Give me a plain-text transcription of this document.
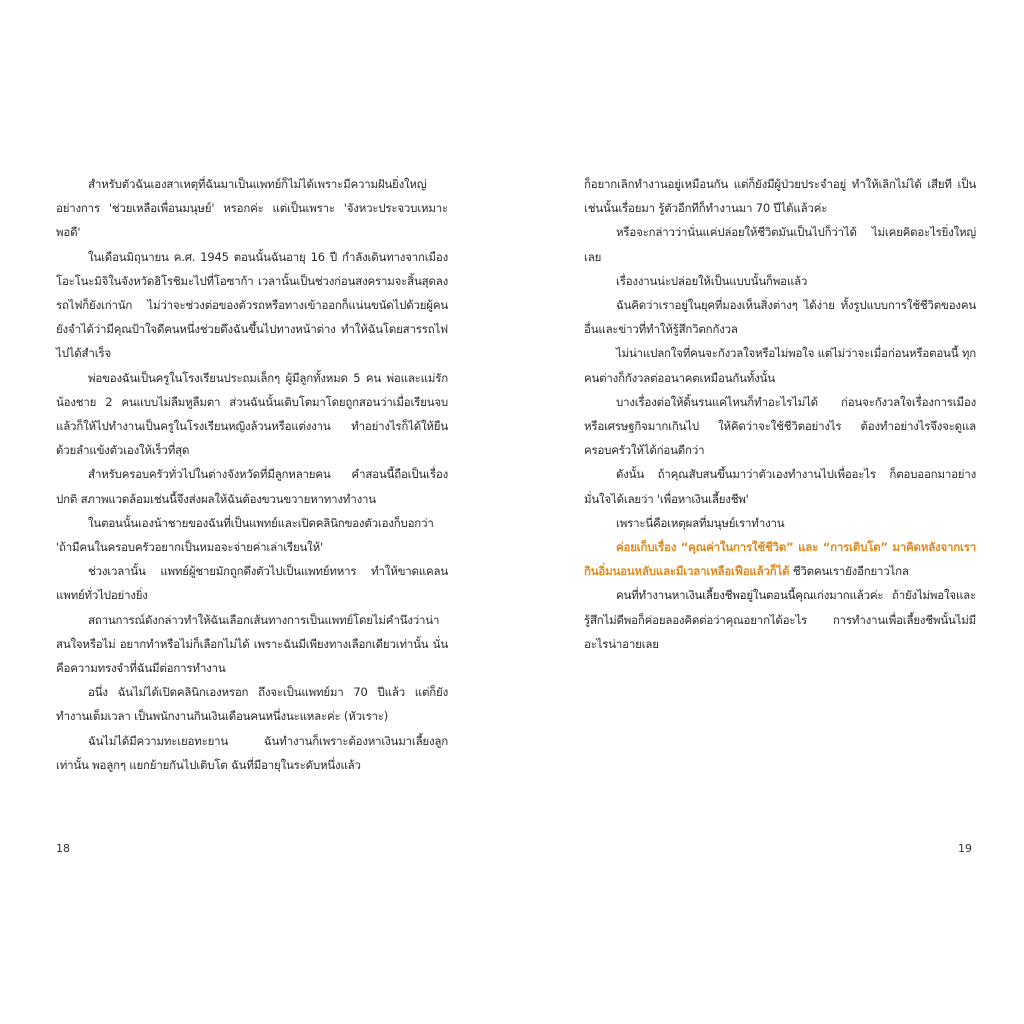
สำหรับตัวฉันเองสาเหตุที่ฉันมาเป็นแพทย์ก็ไม่ได้เพราะมีความฝันยิ่งใหญ่อย่างการ 'ช่วยเหลือเพื่อนมนุษย์' หรอกค่ะ แต่เป็นเพราะ 'จังหวะประจวบเหมาะพอดี'

ในเดือนมิถุนายน ค.ศ. 1945 ตอนนั้นฉันอายุ 16 ปี กำลังเดินทางจากเมืองโอะโนะมิจิในจังหวัดฮิโรชิมะไปที่โอซาก้า เวลานั้นเป็นช่วงก่อนสงครามจะสิ้นสุดลง รถไฟก็ยังเก่านัก ไม่ว่าจะช่วงต่อของตัวรถหรือทางเข้าออกก็แน่นขนัดไปด้วยผู้คน ยังจำได้ว่ามีคุณป้าใจดีคนหนึ่งช่วยดึงฉันขึ้นไปทางหน้าต่าง ทำให้ฉันโดยสารรถไฟไปได้สำเร็จ

พ่อของฉันเป็นครูในโรงเรียนประถมเล็กๆ ผู้มีลูกทั้งหมด 5 คน พ่อและแม่รักน้องชาย 2 คนแบบไม่ลืมหูลืมตา ส่วนฉันนั้นเติบโตมาโดยถูกสอนว่าเมื่อเรียนจบแล้วก็ให้ไปทำงานเป็นครูในโรงเรียนหญิงล้วนหรือแต่งงาน ทำอย่างไรก็ได้ให้ยืนด้วยลำแข้งตัวเองให้เร็วที่สุด

สำหรับครอบครัวทั่วไปในต่างจังหวัดที่มีลูกหลายคน คำสอนนี้ถือเป็นเรื่องปกติ สภาพแวดล้อมเช่นนี้จึงส่งผลให้ฉันต้องขวนขวายหาทางทำงาน

ในตอนนั้นเองน้าชายของฉันที่เป็นแพทย์และเปิดคลินิกของตัวเองก็บอกว่า 'ถ้ามีคนในครอบครัวอยากเป็นหมอจะจ่ายค่าเล่าเรียนให้'

ช่วงเวลานั้น แพทย์ผู้ชายมักถูกดึงตัวไปเป็นแพทย์ทหาร ทำให้ขาดแคลนแพทย์ทั่วไปอย่างยิ่ง

สถานการณ์ดังกล่าวทำให้ฉันเลือกเส้นทางการเป็นแพทย์โดยไม่คำนึงว่าน่าสนใจหรือไม่ อยากทำหรือไม่ก็เลือกไม่ได้ เพราะฉันมีเพียงทางเลือกเดียวเท่านั้น นั่นคือความทรงจำที่ฉันมีต่อการทำงาน

อนึ่ง ฉันไม่ได้เปิดคลินิกเองหรอก ถึงจะเป็นแพทย์มา 70 ปีแล้ว แต่ก็ยังทำงานเต็มเวลา เป็นพนักงานกินเงินเดือนคนหนึ่งนะแหละค่ะ (หัวเราะ)

ฉันไม่ได้มีความทะเยอทะยาน ฉันทำงานก็เพราะต้องหาเงินมาเลี้ยงลูกเท่านั้น พอลูกๆ แยกย้ายกันไปเติบโต ฉันที่มีอายุในระดับหนึ่งแล้ว

18

ก็อยากเลิกทำงานอยู่เหมือนกัน แต่ก็ยังมีผู้ป่วยประจำอยู่ ทำให้เลิกไม่ได้ เสียที เป็นเช่นนั้นเรื่อยมา รู้ตัวอีกทีก็ทำงานมา 70 ปีได้แล้วค่ะ

หรือจะกล่าวว่านั่นแค่ปล่อยให้ชีวิตมันเป็นไปก็ว่าได้ ไม่เคยคิดอะไรยิ่งใหญ่เลย

เรื่องงานน่ะปล่อยให้เป็นแบบนั้นก็พอแล้ว

ฉันคิดว่าเราอยู่ในยุคที่มองเห็นสิ่งต่างๆ ได้ง่าย ทั้งรูปแบบการใช้ชีวิตของคนอื่นและข่าวที่ทำให้รู้สึกวิตกกังวล

ไม่น่าแปลกใจที่คนจะกังวลใจหรือไม่พอใจ แต่ไม่ว่าจะเมื่อก่อนหรือตอนนี้ ทุกคนต่างก็กังวลต่ออนาคตเหมือนกันทั้งนั้น

บางเรื่องต่อให้ดิ้นรนแค่ไหนก็ทำอะไรไม่ได้ ก่อนจะกังวลใจเรื่องการเมืองหรือเศรษฐกิจมากเกินไป ให้คิดว่าจะใช้ชีวิตอย่างไร ต้องทำอย่างไรจึงจะดูแลครอบครัวให้ได้ก่อนดีกว่า

ดังนั้น ถ้าคุณสับสนขึ้นมาว่าตัวเองทำงานไปเพื่ออะไร ก็ตอบออกมาอย่างมั่นใจได้เลยว่า 'เพื่อหาเงินเลี้ยงชีพ'

เพราะนี่คือเหตุผลที่มนุษย์เราทำงาน

ค่อยเก็บเรื่อง “คุณค่าในการใช้ชีวิต” และ “การเติบโต” มาคิดหลังจากเรากินอิ่มนอนหลับและมีเวลาเหลือเฟือแล้วก็ได้ ชีวิตคนเรายังอีกยาวไกล

คนที่ทำงานหาเงินเลี้ยงชีพอยู่ในตอนนี้คุณเก่งมากแล้วค่ะ ถ้ายังไม่พอใจและรู้สึกไม่ดีพอก็ค่อยลองคิดต่อว่าคุณอยากได้อะไร การทำงานเพื่อเลี้ยงชีพนั้นไม่มีอะไรน่าอายเลย

19
